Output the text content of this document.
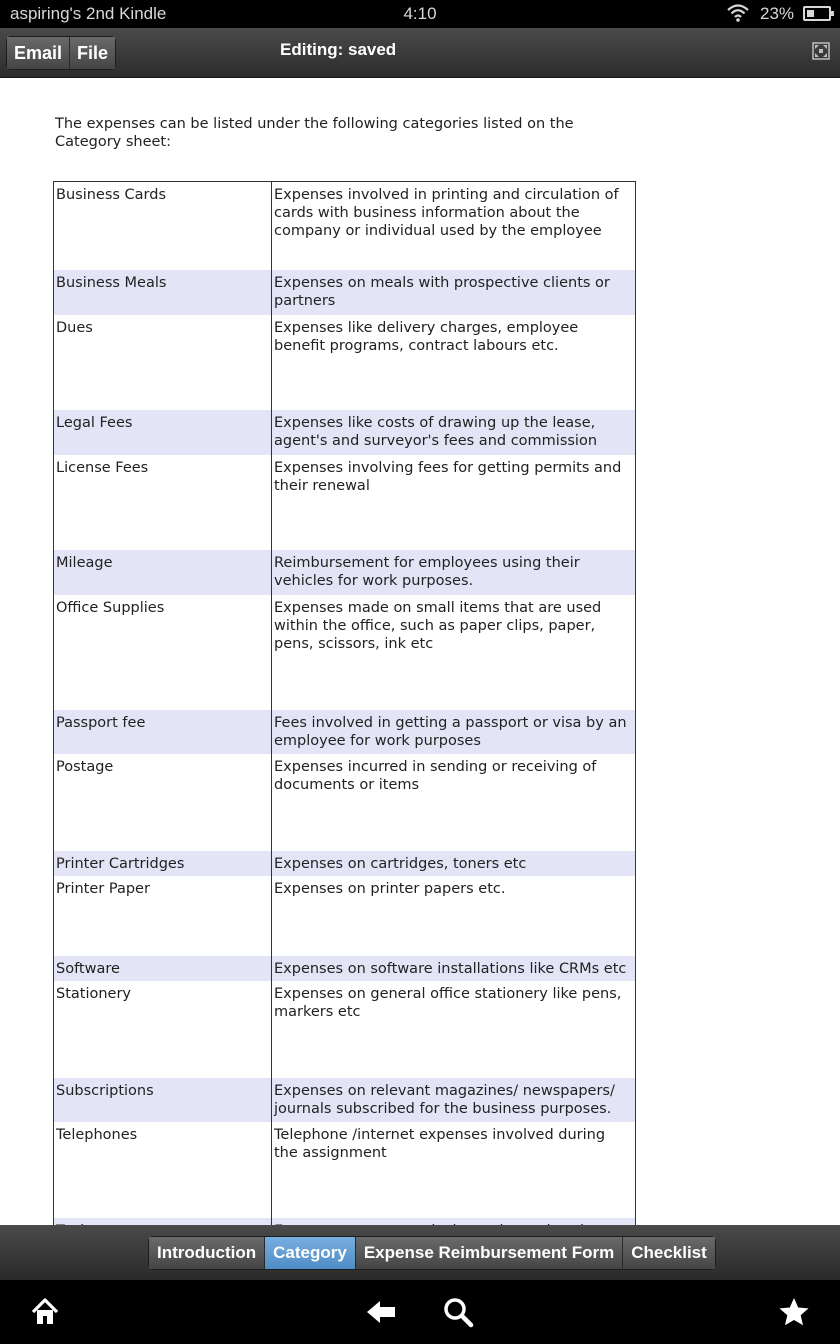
aspiring's 2nd Kindle	4:10	23%
Email File	Editing: saved

The expenses can be listed under the following categories listed on the Category sheet:

Business Cards	Expenses involved in printing and circulation of cards with business information about the company or individual used by the employee
Business Meals	Expenses on meals with prospective clients or partners
Dues	Expenses like delivery charges, employee benefit programs, contract labours etc.
Legal Fees	Expenses like costs of drawing up the lease, agent's and surveyor's fees and commission
License Fees	Expenses involving fees for getting permits and their renewal
Mileage	Reimbursement for employees using their vehicles for work purposes.
Office Supplies	Expenses made on small items that are used within the office, such as paper clips, paper, pens, scissors, ink etc
Passport fee	Fees involved in getting a passport or visa by an employee for work purposes
Postage	Expenses incurred in sending or receiving of documents or items
Printer Cartridges	Expenses on cartridges, toners etc
Printer Paper	Expenses on printer papers etc.
Software	Expenses on software installations like CRMs etc
Stationery	Expenses on general office stationery like pens, markers etc
Subscriptions	Expenses on relevant magazines/ newspapers/ journals subscribed for the business purposes.
Telephones	Telephone /internet expenses involved during the assignment

Introduction	Category	Expense Reimbursement Form	Checklist
